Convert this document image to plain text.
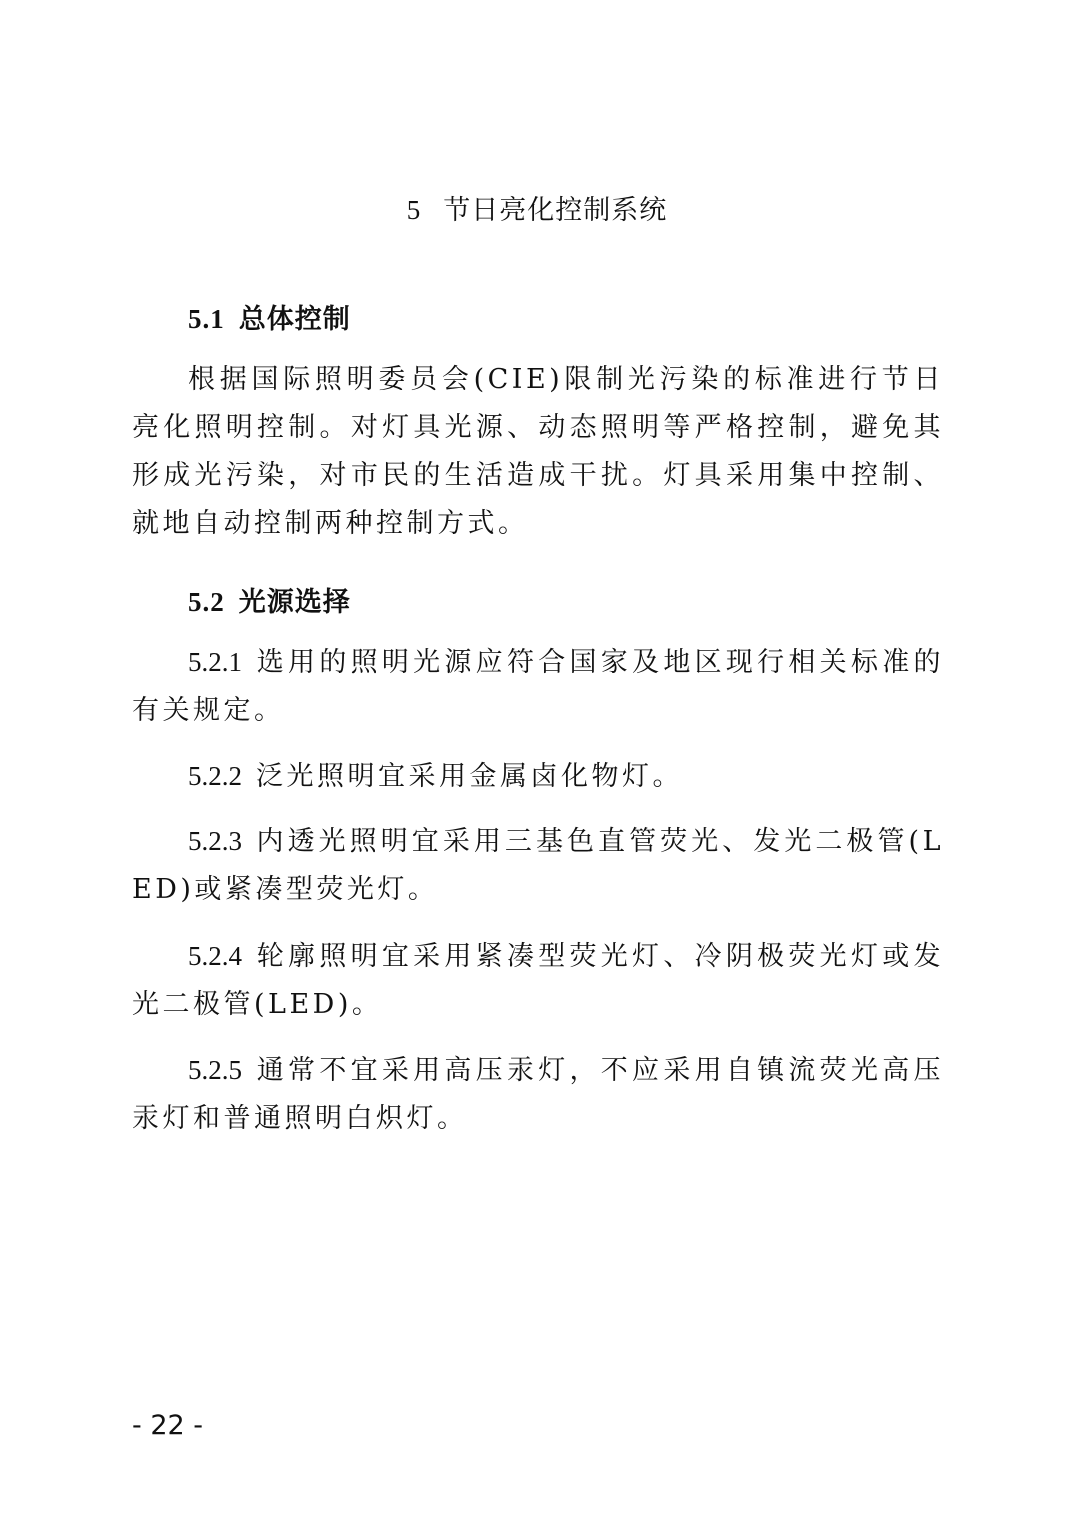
5 节日亮化控制系统
5.1 总体控制

根据国际照明委员会(CIE)限制光污染的标准进行节日亮化照明控制。对灯具光源、动态照明等严格控制，避免其形成光污染，对市民的生活造成干扰。灯具采用集中控制、就地自动控制两种控制方式。

5.2 光源选择

5.2.1 选用的照明光源应符合国家及地区现行相关标准的有关规定。

5.2.2 泛光照明宜采用金属卤化物灯。

5.2.3 内透光照明宜采用三基色直管荧光、发光二极管(LED)或紧凑型荧光灯。

5.2.4 轮廓照明宜采用紧凑型荧光灯、冷阴极荧光灯或发光二极管(LED)。

5.2.5 通常不宜采用高压汞灯，不应采用自镇流荧光高压汞灯和普通照明白炽灯。

- 22 -
